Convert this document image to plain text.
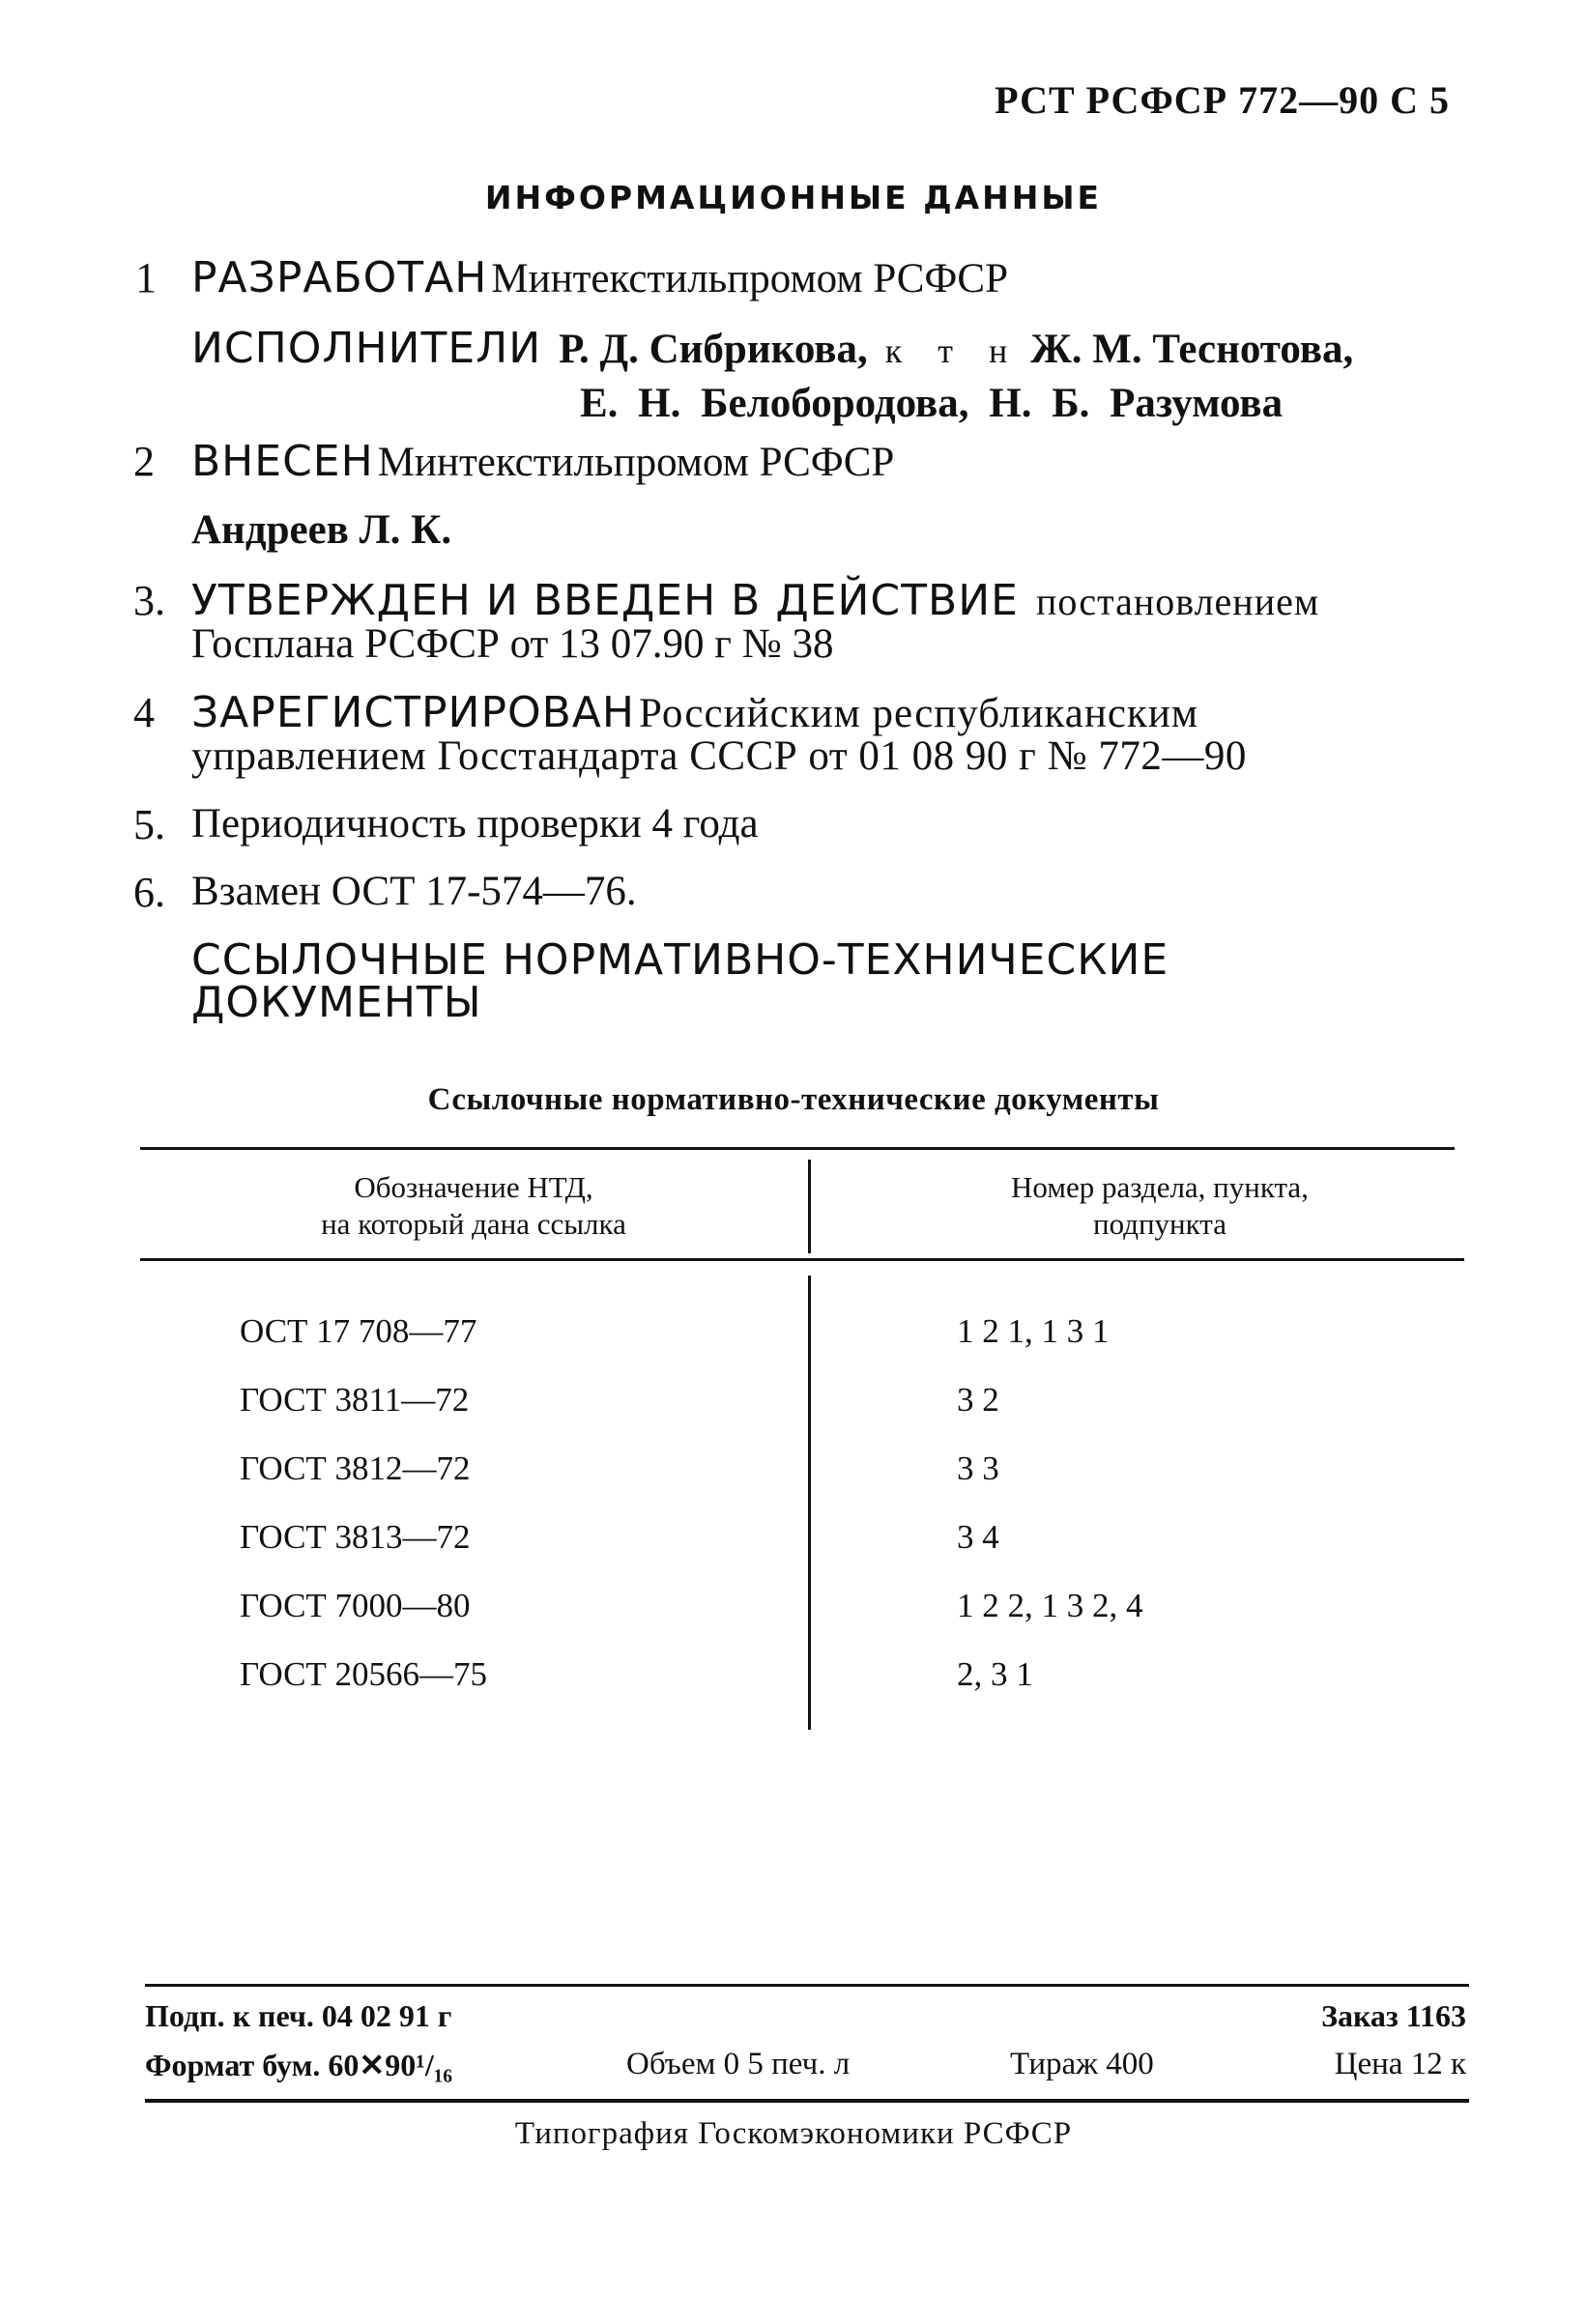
РСТ РСФСР 772—90 С 5
ИНФОРМАЦИОННЫЕ ДАННЫЕ
1 РАЗРАБОТАН Минтекстильпромом РСФСР
ИСПОЛНИТЕЛИ Р. Д. Сибрикова, к т н Ж. М. Теснотова,
Е. Н. Белобородова, Н. Б. Разумова
2 ВНЕСЕН Минтекстильпромом РСФСР
Андреев Л. К.
3. УТВЕРЖДЕН И ВВЕДЕН В ДЕЙСТВИЕ постановлением
Госплана РСФСР от 13 07.90 г № 38
4 ЗАРЕГИСТРИРОВАН Российским республиканским
управлением Госстандарта СССР от 01 08 90 г № 772—90
5. Периодичность проверки 4 года
6. Взамен ОСТ 17-574—76.
ССЫЛОЧНЫЕ НОРМАТИВНО-ТЕХНИЧЕСКИЕ
ДОКУМЕНТЫ
Ссылочные нормативно-технические документы
Обозначение НТД,
на который дана ссылка
Номер раздела, пункта,
подпункта
ОСТ 17 708—77	1 2 1, 1 3 1
ГОСТ 3811—72	3 2
ГОСТ 3812—72	3 3
ГОСТ 3813—72	3 4
ГОСТ 7000—80	1 2 2, 1 3 2, 4
ГОСТ 20566—75	2, 3 1
Подп. к печ. 04 02 91 г	Заказ 1163
Формат бум. 60✕90¹/₁₆	Объем 0 5 печ. л	Тираж 400	Цена 12 к
Типография Госкомэкономики РСФСР
